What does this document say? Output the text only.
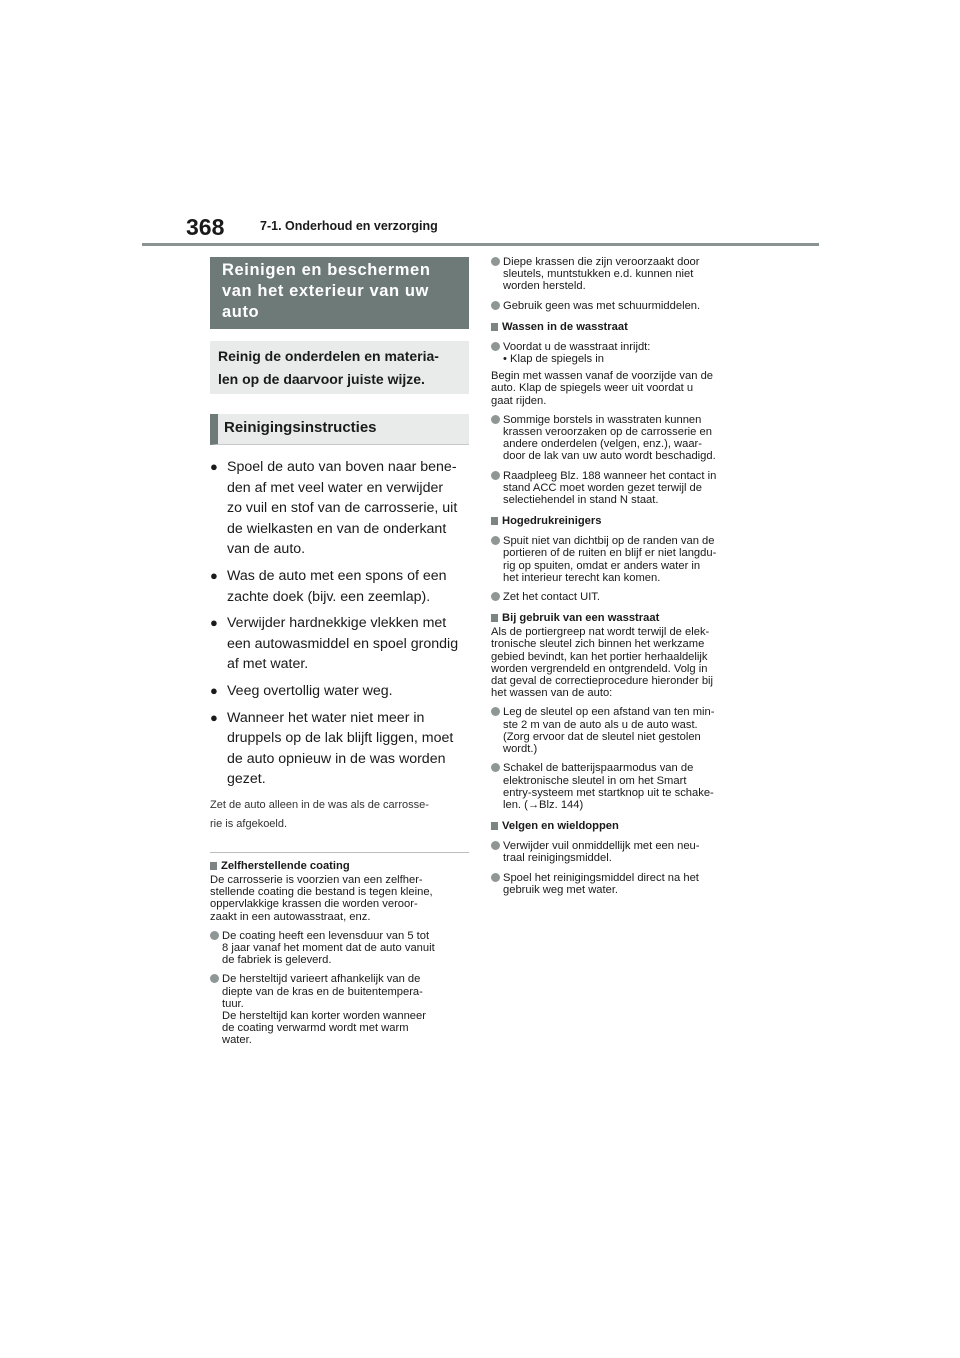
368	7-1. Onderhoud en verzorging
Reinigen en beschermen
van het exterieur van uw
auto
Reinig de onderdelen en materia-
len op de daarvoor juiste wijze.
Reinigingsinstructies
● Spoel de auto van boven naar bene-
den af met veel water en verwijder
zo vuil en stof van de carrosserie, uit
de wielkasten en van de onderkant
van de auto.
● Was de auto met een spons of een
zachte doek (bijv. een zeemlap).
● Verwijder hardnekkige vlekken met
een autowasmiddel en spoel grondig
af met water.
● Veeg overtollig water weg.
● Wanneer het water niet meer in
druppels op de lak blijft liggen, moet
de auto opnieuw in de was worden
gezet.
Zet de auto alleen in de was als de carrosse-
rie is afgekoeld.
Zelfherstellende coating
De carrosserie is voorzien van een zelfher-
stellende coating die bestand is tegen kleine,
oppervlakkige krassen die worden veroor-
zaakt in een autowasstraat, enz.
De coating heeft een levensduur van 5 tot
8 jaar vanaf het moment dat de auto vanuit
de fabriek is geleverd.
De hersteltijd varieert afhankelijk van de
diepte van de kras en de buitentempera-
tuur.
De hersteltijd kan korter worden wanneer
de coating verwarmd wordt met warm
water.
Diepe krassen die zijn veroorzaakt door
sleutels, muntstukken e.d. kunnen niet
worden hersteld.
Gebruik geen was met schuurmiddelen.
Wassen in de wasstraat
Voordat u de wasstraat inrijdt:
• Klap de spiegels in
Begin met wassen vanaf de voorzijde van de
auto. Klap de spiegels weer uit voordat u
gaat rijden.
Sommige borstels in wasstraten kunnen
krassen veroorzaken op de carrosserie en
andere onderdelen (velgen, enz.), waar-
door de lak van uw auto wordt beschadigd.
Raadpleeg Blz. 188 wanneer het contact in
stand ACC moet worden gezet terwijl de
selectiehendel in stand N staat.
Hogedrukreinigers
Spuit niet van dichtbij op de randen van de
portieren of de ruiten en blijf er niet langdu-
rig op spuiten, omdat er anders water in
het interieur terecht kan komen.
Zet het contact UIT.
Bij gebruik van een wasstraat
Als de portiergreep nat wordt terwijl de elek-
tronische sleutel zich binnen het werkzame
gebied bevindt, kan het portier herhaaldelijk
worden vergrendeld en ontgrendeld. Volg in
dat geval de correctieprocedure hieronder bij
het wassen van de auto:
Leg de sleutel op een afstand van ten min-
ste 2 m van de auto als u de auto wast.
(Zorg ervoor dat de sleutel niet gestolen
wordt.)
Schakel de batterijspaarmodus van de
elektronische sleutel in om het Smart
entry-systeem met startknop uit te schake-
len. (→Blz. 144)
Velgen en wieldoppen
Verwijder vuil onmiddellijk met een neu-
traal reinigingsmiddel.
Spoel het reinigingsmiddel direct na het
gebruik weg met water.
